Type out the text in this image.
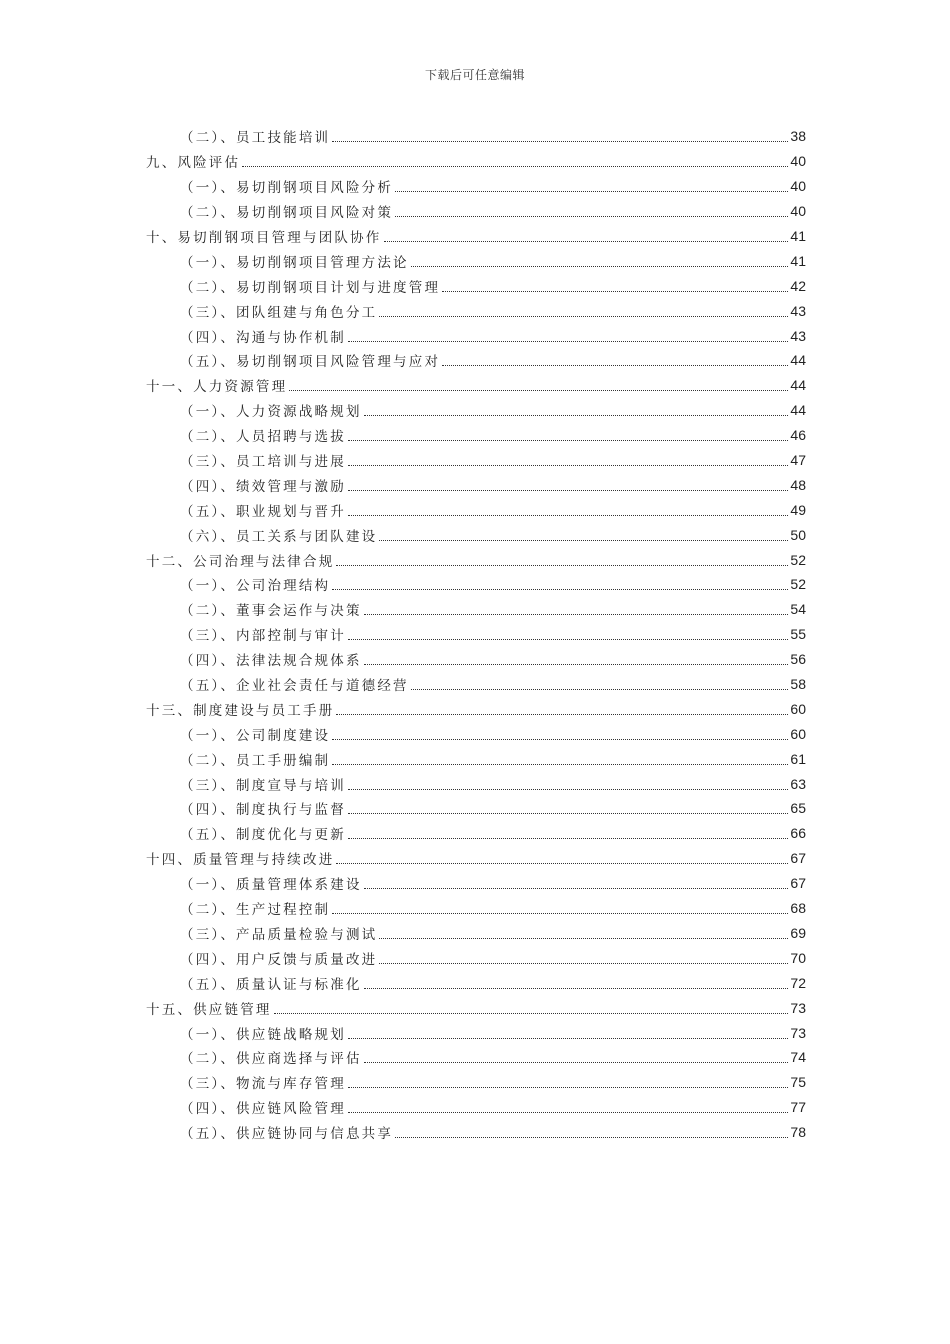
下载后可任意编辑
（二）、员工技能培训	38
九、风险评估	40
（一）、易切削钢项目风险分析	40
（二）、易切削钢项目风险对策	40
十、易切削钢项目管理与团队协作	41
（一）、易切削钢项目管理方法论	41
（二）、易切削钢项目计划与进度管理	42
（三）、团队组建与角色分工	43
（四）、沟通与协作机制	43
（五）、易切削钢项目风险管理与应对	44
十一、人力资源管理	44
（一）、人力资源战略规划	44
（二）、人员招聘与选拔	46
（三）、员工培训与进展	47
（四）、绩效管理与激励	48
（五）、职业规划与晋升	49
（六）、员工关系与团队建设	50
十二、公司治理与法律合规	52
（一）、公司治理结构	52
（二）、董事会运作与决策	54
（三）、内部控制与审计	55
（四）、法律法规合规体系	56
（五）、企业社会责任与道德经营	58
十三、制度建设与员工手册	60
（一）、公司制度建设	60
（二）、员工手册编制	61
（三）、制度宣导与培训	63
（四）、制度执行与监督	65
（五）、制度优化与更新	66
十四、质量管理与持续改进	67
（一）、质量管理体系建设	67
（二）、生产过程控制	68
（三）、产品质量检验与测试	69
（四）、用户反馈与质量改进	70
（五）、质量认证与标准化	72
十五、供应链管理	73
（一）、供应链战略规划	73
（二）、供应商选择与评估	74
（三）、物流与库存管理	75
（四）、供应链风险管理	77
（五）、供应链协同与信息共享	78
